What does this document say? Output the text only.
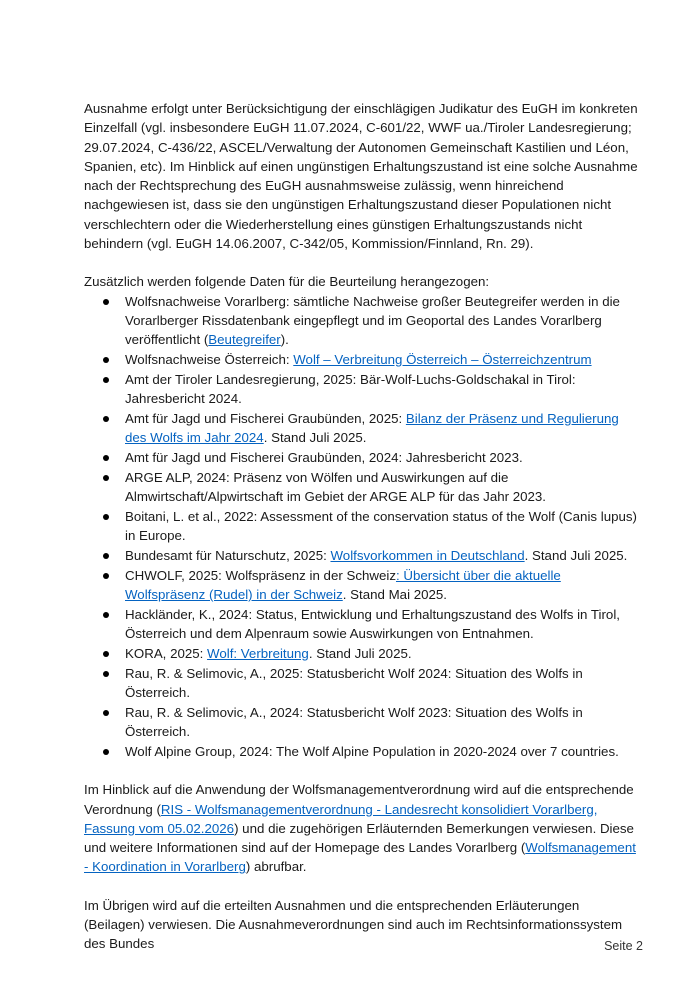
Ausnahme erfolgt unter Berücksichtigung der einschlägigen Judikatur des EuGH im konkreten Einzelfall (vgl. insbesondere EuGH 11.07.2024, C-601/22, WWF ua./Tiroler Landesregierung; 29.07.2024, C-436/22, ASCEL/Verwaltung der Autonomen Gemeinschaft Kastilien und Léon, Spanien, etc). Im Hinblick auf einen ungünstigen Erhaltungszustand ist eine solche Ausnahme nach der Rechtsprechung des EuGH ausnahmsweise zulässig, wenn hinreichend nachgewiesen ist, dass sie den ungünstigen Erhaltungszustand dieser Populationen nicht verschlechtern oder die Wiederherstellung eines günstigen Erhaltungszustands nicht behindern (vgl. EuGH 14.06.2007, C-342/05, Kommission/Finnland, Rn. 29).

Zusätzlich werden folgende Daten für die Beurteilung herangezogen:

Wolfsnachweise Vorarlberg: sämtliche Nachweise großer Beutegreifer werden in die Vorarlberger Rissdatenbank eingepflegt und im Geoportal des Landes Vorarlberg veröffentlicht (Beutegreifer).
Wolfsnachweise Österreich: Wolf – Verbreitung Österreich – Österreichzentrum
Amt der Tiroler Landesregierung, 2025: Bär-Wolf-Luchs-Goldschakal in Tirol: Jahresbericht 2024.
Amt für Jagd und Fischerei Graubünden, 2025: Bilanz der Präsenz und Regulierung des Wolfs im Jahr 2024. Stand Juli 2025.
Amt für Jagd und Fischerei Graubünden, 2024: Jahresbericht 2023.
ARGE ALP, 2024: Präsenz von Wölfen und Auswirkungen auf die Almwirtschaft/Alpwirtschaft im Gebiet der ARGE ALP für das Jahr 2023.
Boitani, L. et al., 2022: Assessment of the conservation status of the Wolf (Canis lupus) in Europe.
Bundesamt für Naturschutz, 2025: Wolfsvorkommen in Deutschland. Stand Juli 2025.
CHWOLF, 2025: Wolfspräsenz in der Schweiz: Übersicht über die aktuelle Wolfspräsenz (Rudel) in der Schweiz. Stand Mai 2025.
Hackländer, K., 2024: Status, Entwicklung und Erhaltungszustand des Wolfs in Tirol, Österreich und dem Alpenraum sowie Auswirkungen von Entnahmen.
KORA, 2025: Wolf: Verbreitung. Stand Juli 2025.
Rau, R. & Selimovic, A., 2025: Statusbericht Wolf 2024: Situation des Wolfs in Österreich.
Rau, R. & Selimovic, A., 2024: Statusbericht Wolf 2023: Situation des Wolfs in Österreich.
Wolf Alpine Group, 2024: The Wolf Alpine Population in 2020-2024 over 7 countries.

Im Hinblick auf die Anwendung der Wolfsmanagementverordnung wird auf die entsprechende Verordnung (RIS - Wolfsmanagementverordnung - Landesrecht konsolidiert Vorarlberg, Fassung vom 05.02.2026) und die zugehörigen Erläuternden Bemerkungen verwiesen. Diese und weitere Informationen sind auf der Homepage des Landes Vorarlberg (Wolfsmanagement - Koordination in Vorarlberg) abrufbar.

Im Übrigen wird auf die erteilten Ausnahmen und die entsprechenden Erläuterungen (Beilagen) verwiesen. Die Ausnahmeverordnungen sind auch im Rechtsinformationssystem des Bundes	Seite 2
